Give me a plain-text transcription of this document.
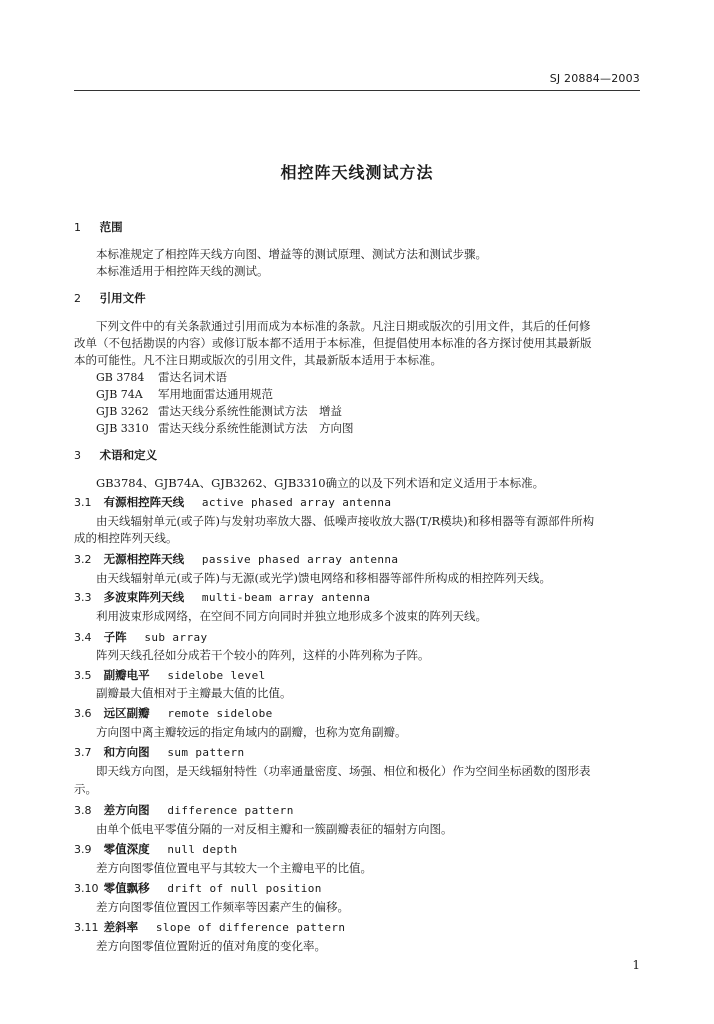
SJ 20884—2003
相控阵天线测试方法
1 范围
本标准规定了相控阵天线方向图、增益等的测试原理、测试方法和测试步骤。
本标准适用于相控阵天线的测试。
2 引用文件
下列文件中的有关条款通过引用而成为本标准的条款。凡注日期或版次的引用文件，其后的任何修
改单（不包括勘误的内容）或修订版本都不适用于本标准，但提倡使用本标准的各方探讨使用其最新版
本的可能性。凡不注日期或版次的引用文件，其最新版本适用于本标准。
GB 3784 雷达名词术语
GJB 74A 军用地面雷达通用规范
GJB 3262 雷达天线分系统性能测试方法　增益
GJB 3310 雷达天线分系统性能测试方法　方向图
3 术语和定义
GB3784、GJB74A、GJB3262、GJB3310确立的以及下列术语和定义适用于本标准。
3.1 有源相控阵天线 active phased array antenna
由天线辐射单元(或子阵)与发射功率放大器、低噪声接收放大器(T/R模块)和移相器等有源部件所构
成的相控阵列天线。
3.2 无源相控阵天线 passive phased array antenna
由天线辐射单元(或子阵)与无源(或光学)馈电网络和移相器等部件所构成的相控阵列天线。
3.3 多波束阵列天线 multi-beam array antenna
利用波束形成网络，在空间不同方向同时并独立地形成多个波束的阵列天线。
3.4 子阵 sub array
阵列天线孔径如分成若干个较小的阵列，这样的小阵列称为子阵。
3.5 副瓣电平 sidelobe level
副瓣最大值相对于主瓣最大值的比值。
3.6 远区副瓣 remote sidelobe
方向图中离主瓣较远的指定角域内的副瓣，也称为宽角副瓣。
3.7 和方向图 sum pattern
即天线方向图，是天线辐射特性（功率通量密度、场强、相位和极化）作为空间坐标函数的图形表
示。
3.8 差方向图 difference pattern
由单个低电平零值分隔的一对反相主瓣和一簇副瓣表征的辐射方向图。
3.9 零值深度 null depth
差方向图零值位置电平与其较大一个主瓣电平的比值。
3.10 零值飘移 drift of null position
差方向图零值位置因工作频率等因素产生的偏移。
3.11 差斜率 slope of difference pattern
差方向图零值位置附近的值对角度的变化率。
1
